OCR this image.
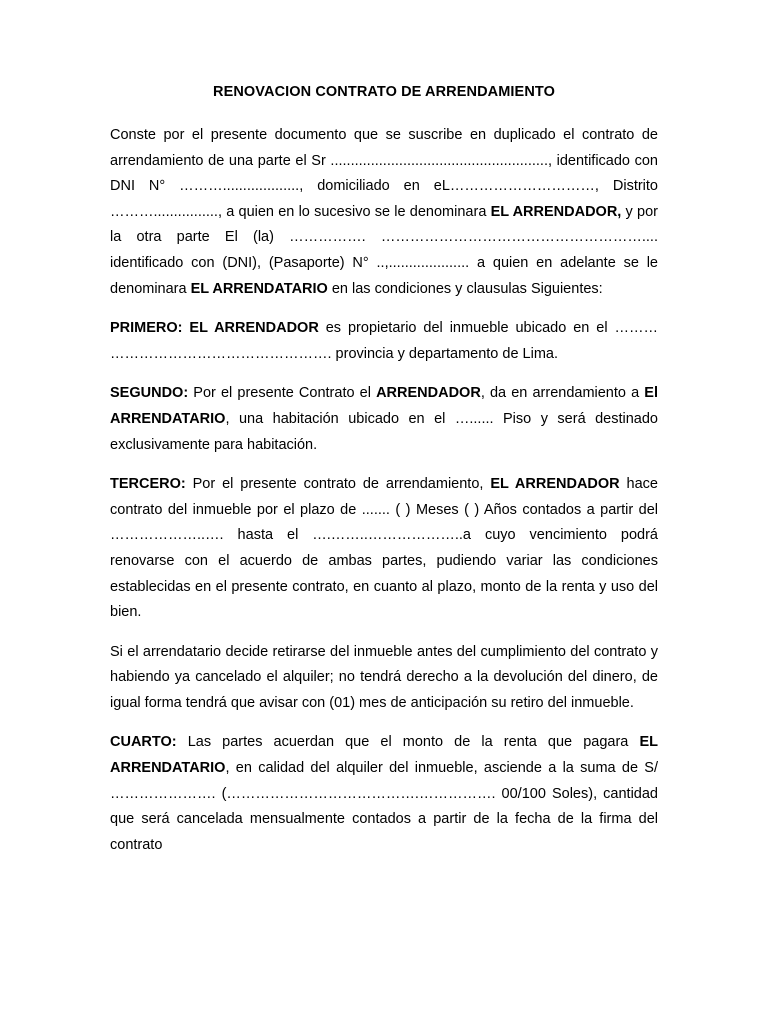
RENOVACION CONTRATO DE ARRENDAMIENTO

Conste por el presente documento que se suscribe en duplicado el contrato de arrendamiento de una parte el Sr ......................................................, identificado con DNI N° ………..................., domiciliado en eL…………………………, Distrito ………................, a quien en lo sucesivo se le denominara EL ARRENDADOR, y por la otra parte El (la) ……………. ……………………………………………….... identificado con (DNI), (Pasaporte) N° ..,.................... a quien en adelante se le denominara EL ARRENDATARIO en las condiciones y clausulas Siguientes:

PRIMERO: EL ARRENDADOR es propietario del inmueble ubicado en el ……… ………………………………………. provincia y departamento de Lima.

SEGUNDO: Por el presente Contrato el ARRENDADOR, da en arrendamiento a El ARRENDATARIO, una habitación ubicado en el …...... Piso y será destinado exclusivamente para habitación.

TERCERO: Por el presente contrato de arrendamiento, EL ARRENDADOR hace contrato del inmueble por el plazo de ....... ( ) Meses ( ) Años contados a partir del ………………..…. hasta el ….……..………………..a cuyo vencimiento podrá renovarse con el acuerdo de ambas partes, pudiendo variar las condiciones establecidas en el presente contrato, en cuanto al plazo, monto de la renta y uso del bien.

Si el arrendatario decide retirarse del inmueble antes del cumplimiento del contrato y habiendo ya cancelado el alquiler; no tendrá derecho a la devolución del dinero, de igual forma tendrá que avisar con (01) mes de anticipación su retiro del inmueble.

CUARTO: Las partes acuerdan que el monto de la renta que pagara EL ARRENDATARIO, en calidad del alquiler del inmueble, asciende a la suma de S/ …………………. (………………………………….……………. 00/100 Soles), cantidad que será cancelada mensualmente contados a partir de la fecha de la firma del contrato
